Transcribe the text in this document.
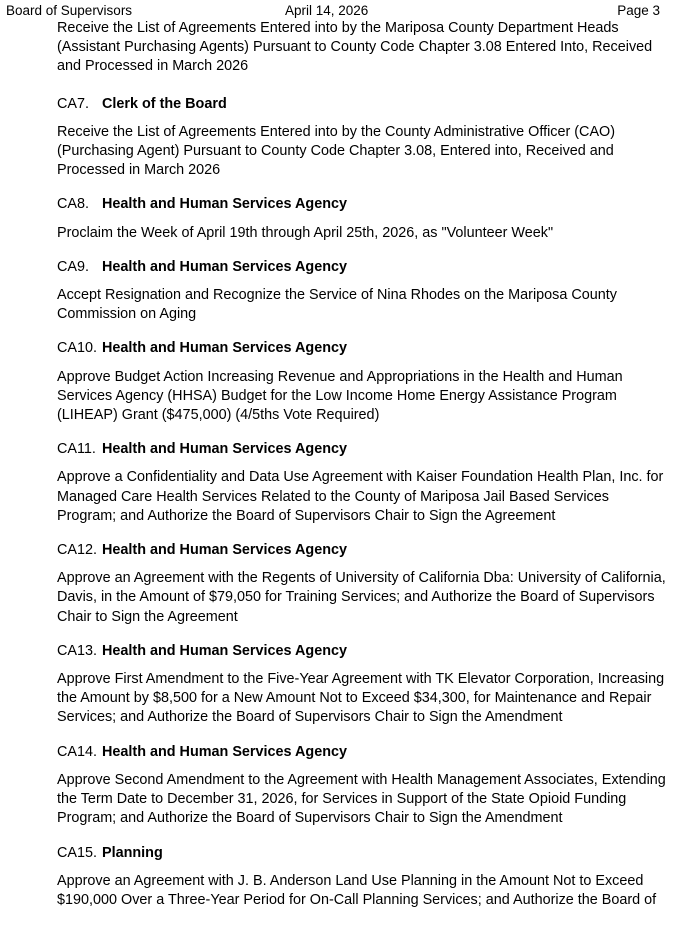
Board of Supervisors	April 14, 2026	Page 3

Receive the List of Agreements Entered into by the Mariposa County Department Heads (Assistant Purchasing Agents) Pursuant to County Code Chapter 3.08 Entered Into, Received and Processed in March 2026

CA7. Clerk of the Board

Receive the List of Agreements Entered into by the County Administrative Officer (CAO) (Purchasing Agent) Pursuant to County Code Chapter 3.08, Entered into, Received and Processed in March 2026

CA8. Health and Human Services Agency

Proclaim the Week of April 19th through April 25th, 2026, as "Volunteer Week"

CA9. Health and Human Services Agency

Accept Resignation and Recognize the Service of Nina Rhodes on the Mariposa County Commission on Aging

CA10. Health and Human Services Agency

Approve Budget Action Increasing Revenue and Appropriations in the Health and Human Services Agency (HHSA) Budget for the Low Income Home Energy Assistance Program (LIHEAP) Grant ($475,000) (4/5ths Vote Required)

CA11. Health and Human Services Agency

Approve a Confidentiality and Data Use Agreement with Kaiser Foundation Health Plan, Inc. for Managed Care Health Services Related to the County of Mariposa Jail Based Services Program; and Authorize the Board of Supervisors Chair to Sign the Agreement

CA12. Health and Human Services Agency

Approve an Agreement with the Regents of University of California Dba: University of California, Davis, in the Amount of $79,050 for Training Services; and Authorize the Board of Supervisors Chair to Sign the Agreement

CA13. Health and Human Services Agency

Approve First Amendment to the Five-Year Agreement with TK Elevator Corporation, Increasing the Amount by $8,500 for a New Amount Not to Exceed $34,300, for Maintenance and Repair Services; and Authorize the Board of Supervisors Chair to Sign the Amendment

CA14. Health and Human Services Agency

Approve Second Amendment to the Agreement with Health Management Associates, Extending the Term Date to December 31, 2026, for Services in Support of the State Opioid Funding Program; and Authorize the Board of Supervisors Chair to Sign the Amendment

CA15. Planning

Approve an Agreement with J. B. Anderson Land Use Planning in the Amount Not to Exceed $190,000 Over a Three-Year Period for On-Call Planning Services; and Authorize the Board of
